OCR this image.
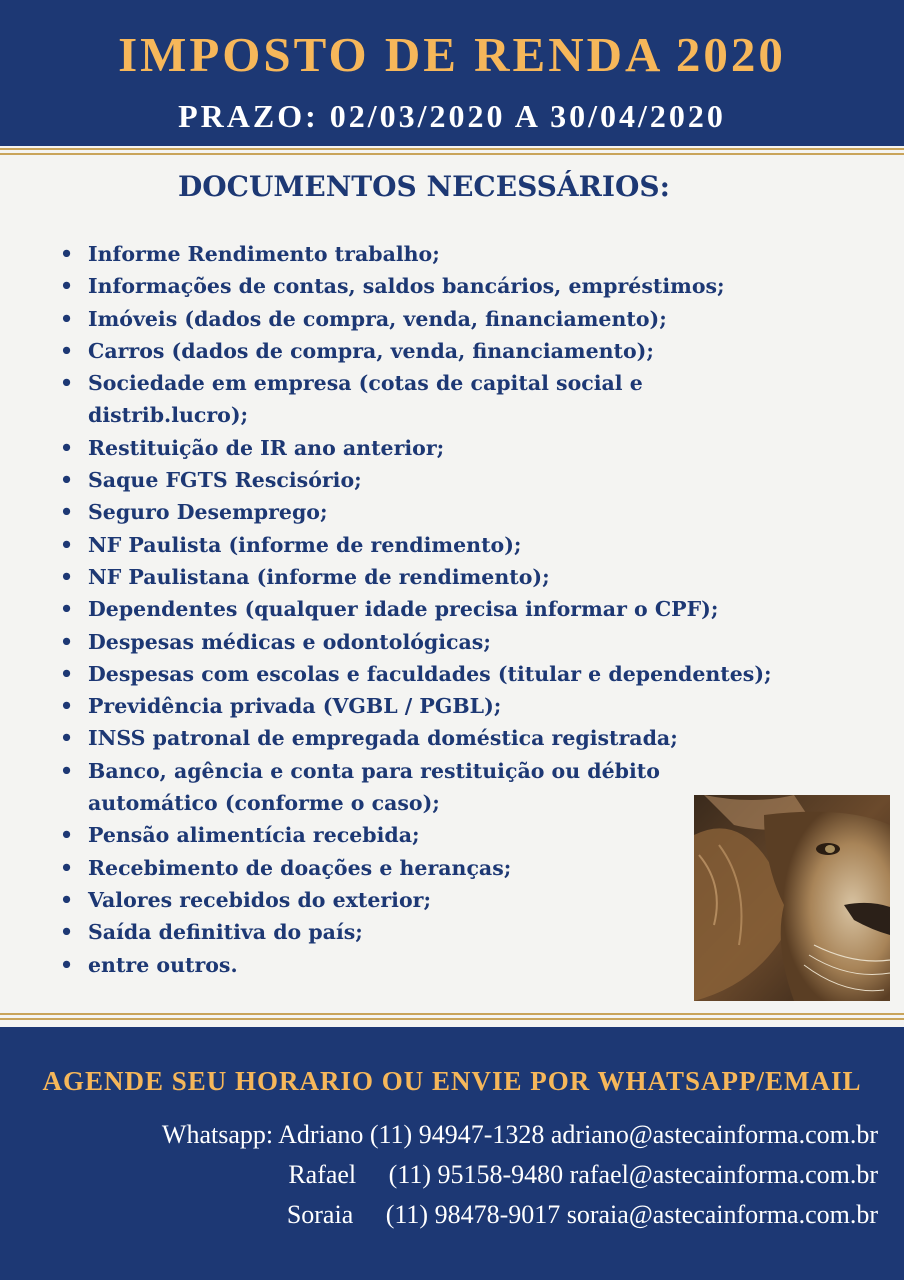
IMPOSTO DE RENDA 2020
PRAZO: 02/03/2020 A 30/04/2020
DOCUMENTOS NECESSÁRIOS:
• Informe Rendimento trabalho;
• Informações de contas, saldos bancários, empréstimos;
• Imóveis (dados de compra, venda, financiamento);
• Carros (dados de compra, venda, financiamento);
• Sociedade em empresa (cotas de capital social e distrib.lucro);
• Restituição de IR ano anterior;
• Saque FGTS Rescisório;
• Seguro Desemprego;
• NF Paulista (informe de rendimento);
• NF Paulistana (informe de rendimento);
• Dependentes (qualquer idade precisa informar o CPF);
• Despesas médicas e odontológicas;
• Despesas com escolas e faculdades (titular e dependentes);
• Previdência privada (VGBL / PGBL);
• INSS patronal de empregada doméstica registrada;
• Banco, agência e conta para restituição ou débito automático (conforme o caso);
• Pensão alimentícia recebida;
• Recebimento de doações e heranças;
• Valores recebidos do exterior;
• Saída definitiva do país;
• entre outros.
AGENDE SEU HORARIO OU ENVIE POR WHATSAPP/EMAIL
Whatsapp: Adriano (11) 94947-1328 adriano@astecainforma.com.br
Rafael     (11) 95158-9480 rafael@astecainforma.com.br
Soraia     (11) 98478-9017 soraia@astecainforma.com.br
